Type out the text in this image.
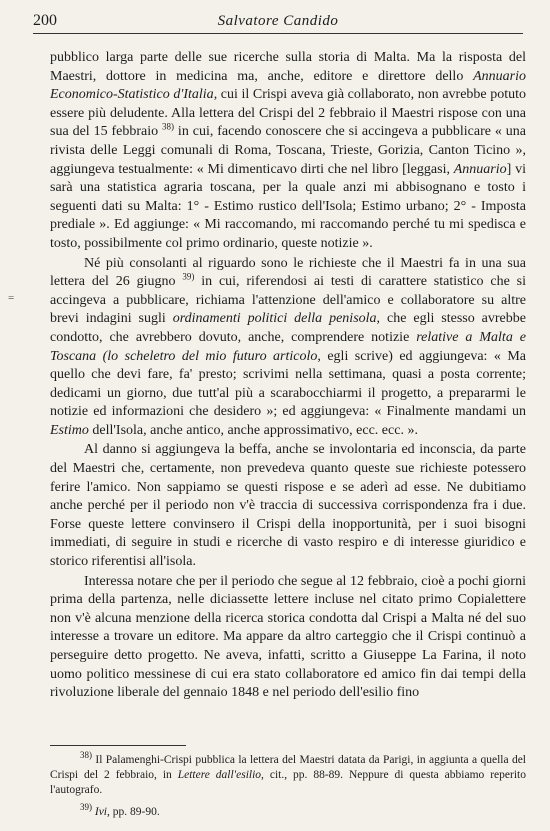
200	Salvatore Candido
=

pubblico larga parte delle sue ricerche sulla storia di Malta. Ma la risposta del Maestri, dottore in medicina ma, anche, editore e direttore dello Annuario Economico-Statistico d'Italia, cui il Crispi aveva già collaborato, non avrebbe potuto essere più deludente. Alla lettera del Crispi del 2 febbraio il Maestri rispose con una sua del 15 febbraio $^{38)}$ in cui, facendo conoscere che si accingeva a pubblicare « una rivista delle Leggi comunali di Roma, Toscana, Trieste, Gorizia, Canton Ticino », aggiungeva testualmente: « Mi dimenticavo dirti che nel libro [leggasi, Annuario] vi sarà una statistica agraria toscana, per la quale anzi mi abbisognano e tosto i seguenti dati su Malta: 1° - Estimo rustico dell'Isola; Estimo urbano; 2° - Imposta prediale ». Ed aggiunge: « Mi raccomando, mi raccomando perché tu mi spedisca e tosto, possibilmente col primo ordinario, queste notizie ».

Né più consolanti al riguardo sono le richieste che il Maestri fa in una sua lettera del 26 giugno $^{39)}$ in cui, riferendosi ai testi di carattere statistico che si accingeva a pubblicare, richiama l'attenzione dell'amico e collaboratore su altre brevi indagini sugli ordinamenti politici della penisola, che egli stesso avrebbe condotto, che avrebbero dovuto, anche, comprendere notizie relative a Malta e Toscana (lo scheletro del mio futuro articolo, egli scrive) ed aggiungeva: « Ma quello che devi fare, fa' presto; scrivimi nella settimana, quasi a posta corrente; dedicami un giorno, due tutt'al più a scarabocchiarmi il progetto, a prepararmi le notizie ed informazioni che desidero »; ed aggiungeva: « Finalmente mandami un Estimo dell'Isola, anche antico, anche approssimativo, ecc. ecc. ».

Al danno si aggiungeva la beffa, anche se involontaria ed inconscia, da parte del Maestri che, certamente, non prevedeva quanto queste sue richieste potessero ferire l'amico. Non sappiamo se questi rispose e se aderì ad esse. Ne dubitiamo anche perché per il periodo non v'è traccia di successiva corrispondenza fra i due. Forse queste lettere convinsero il Crispi della inopportunità, per i suoi bisogni immediati, di seguire in studi e ricerche di vasto respiro e di interesse giuridico e storico riferentisi all'isola.

Interessa notare che per il periodo che segue al 12 febbraio, cioè a pochi giorni prima della partenza, nelle diciassette lettere incluse nel citato primo Copialettere non v'è alcuna menzione della ricerca storica condotta dal Crispi a Malta né del suo interesse a trovare un editore. Ma appare da altro carteggio che il Crispi continuò a perseguire detto progetto. Ne aveva, infatti, scritto a Giuseppe La Farina, il noto uomo politico messinese di cui era stato collaboratore ed amico fin dai tempi della rivoluzione liberale del gennaio 1848 e nel periodo dell'esilio fino

$^{38)}$ Il Palamenghi-Crispi pubblica la lettera del Maestri datata da Parigi, in aggiunta a quella del Crispi del 2 febbraio, in Lettere dall'esilio, cit., pp. 88-89. Neppure di questa abbiamo reperito l'autografo.

$^{39)}$ Ivi, pp. 89-90.
